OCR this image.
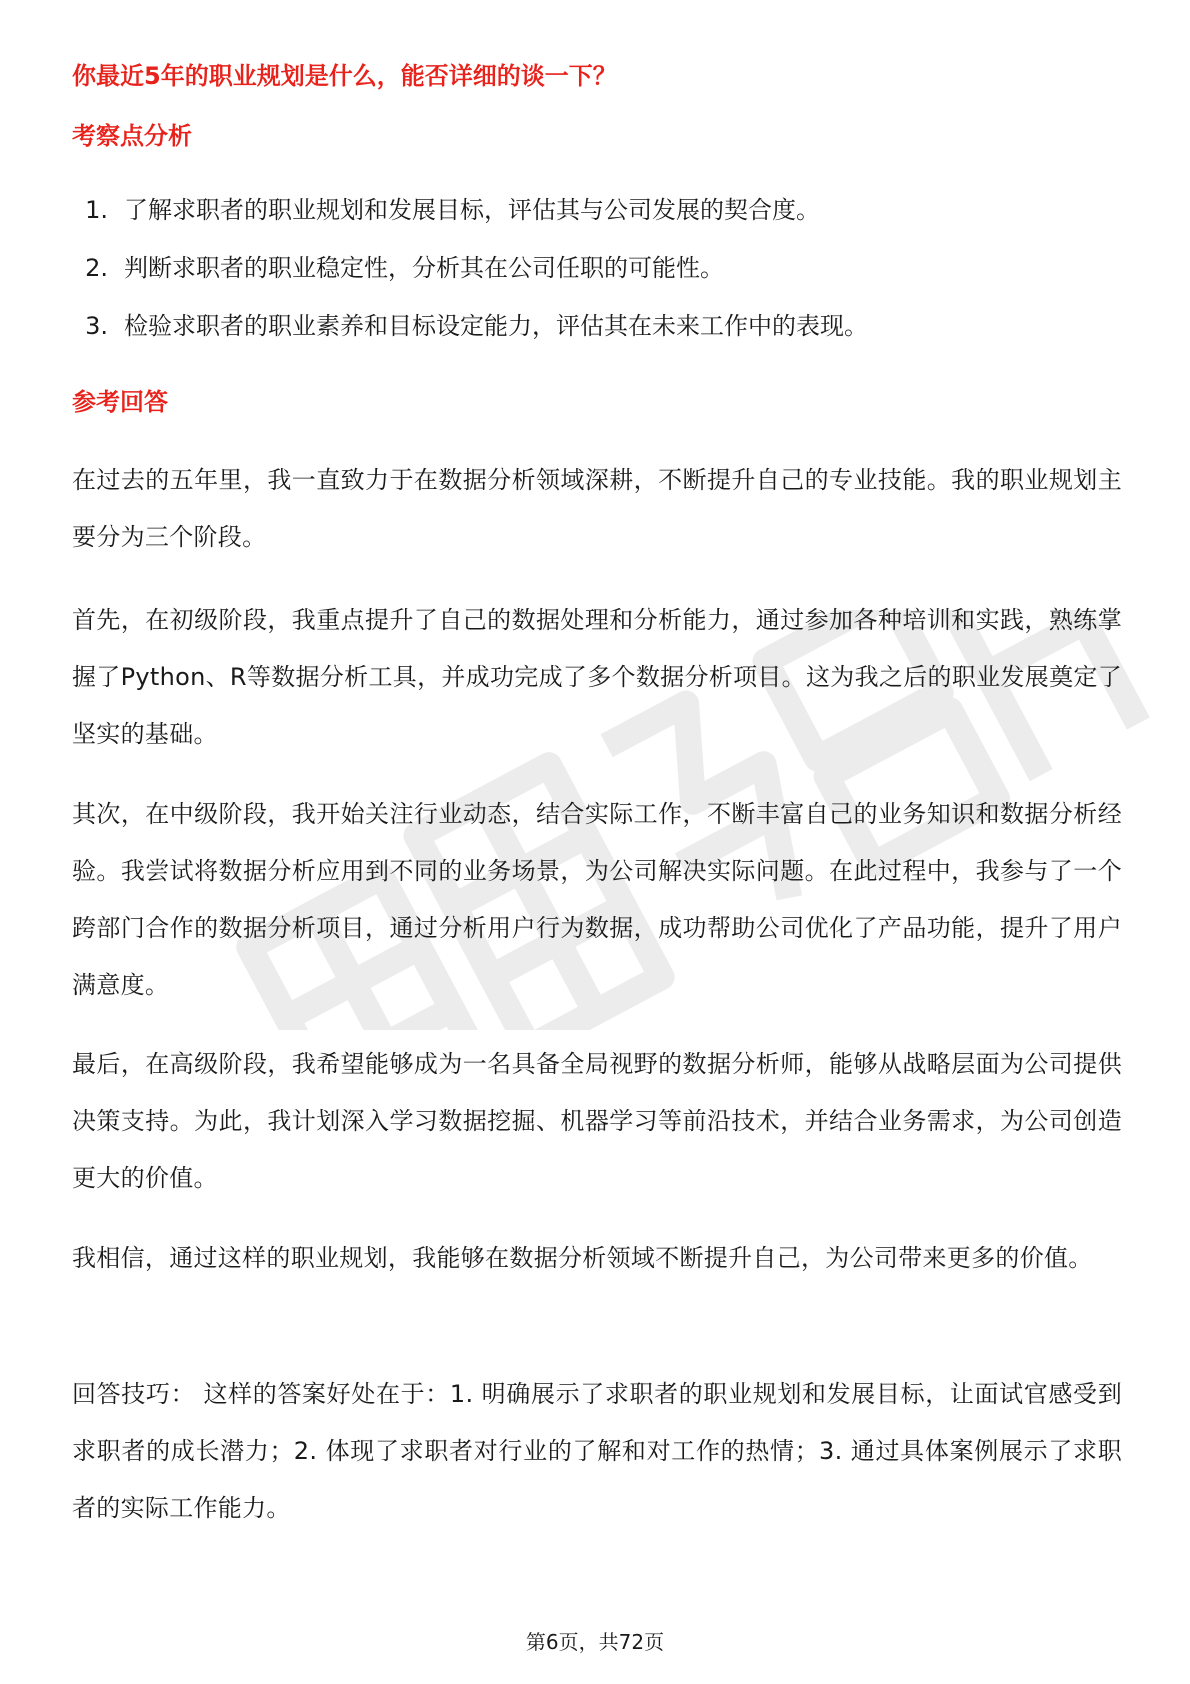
你最近5年的职业规划是什么，能否详细的谈一下？
考察点分析
1. 了解求职者的职业规划和发展目标，评估其与公司发展的契合度。
2. 判断求职者的职业稳定性，分析其在公司任职的可能性。
3. 检验求职者的职业素养和目标设定能力，评估其在未来工作中的表现。
参考回答

在过去的五年里，我一直致力于在数据分析领域深耕，不断提升自己的专业技能。我的职业规划主要分为三个阶段。

首先，在初级阶段，我重点提升了自己的数据处理和分析能力，通过参加各种培训和实践，熟练掌握了Python、R等数据分析工具，并成功完成了多个数据分析项目。这为我之后的职业发展奠定了坚实的基础。

其次，在中级阶段，我开始关注行业动态，结合实际工作，不断丰富自己的业务知识和数据分析经验。我尝试将数据分析应用到不同的业务场景，为公司解决实际问题。在此过程中，我参与了一个跨部门合作的数据分析项目，通过分析用户行为数据，成功帮助公司优化了产品功能，提升了用户满意度。

最后，在高级阶段，我希望能够成为一名具备全局视野的数据分析师，能够从战略层面为公司提供决策支持。为此，我计划深入学习数据挖掘、机器学习等前沿技术，并结合业务需求，为公司创造更大的价值。

我相信，通过这样的职业规划，我能够在数据分析领域不断提升自己，为公司带来更多的价值。

回答技巧： 这样的答案好处在于：1. 明确展示了求职者的职业规划和发展目标，让面试官感受到求职者的成长潜力；2. 体现了求职者对行业的了解和对工作的热情；3. 通过具体案例展示了求职者的实际工作能力。

第6页，共72页
